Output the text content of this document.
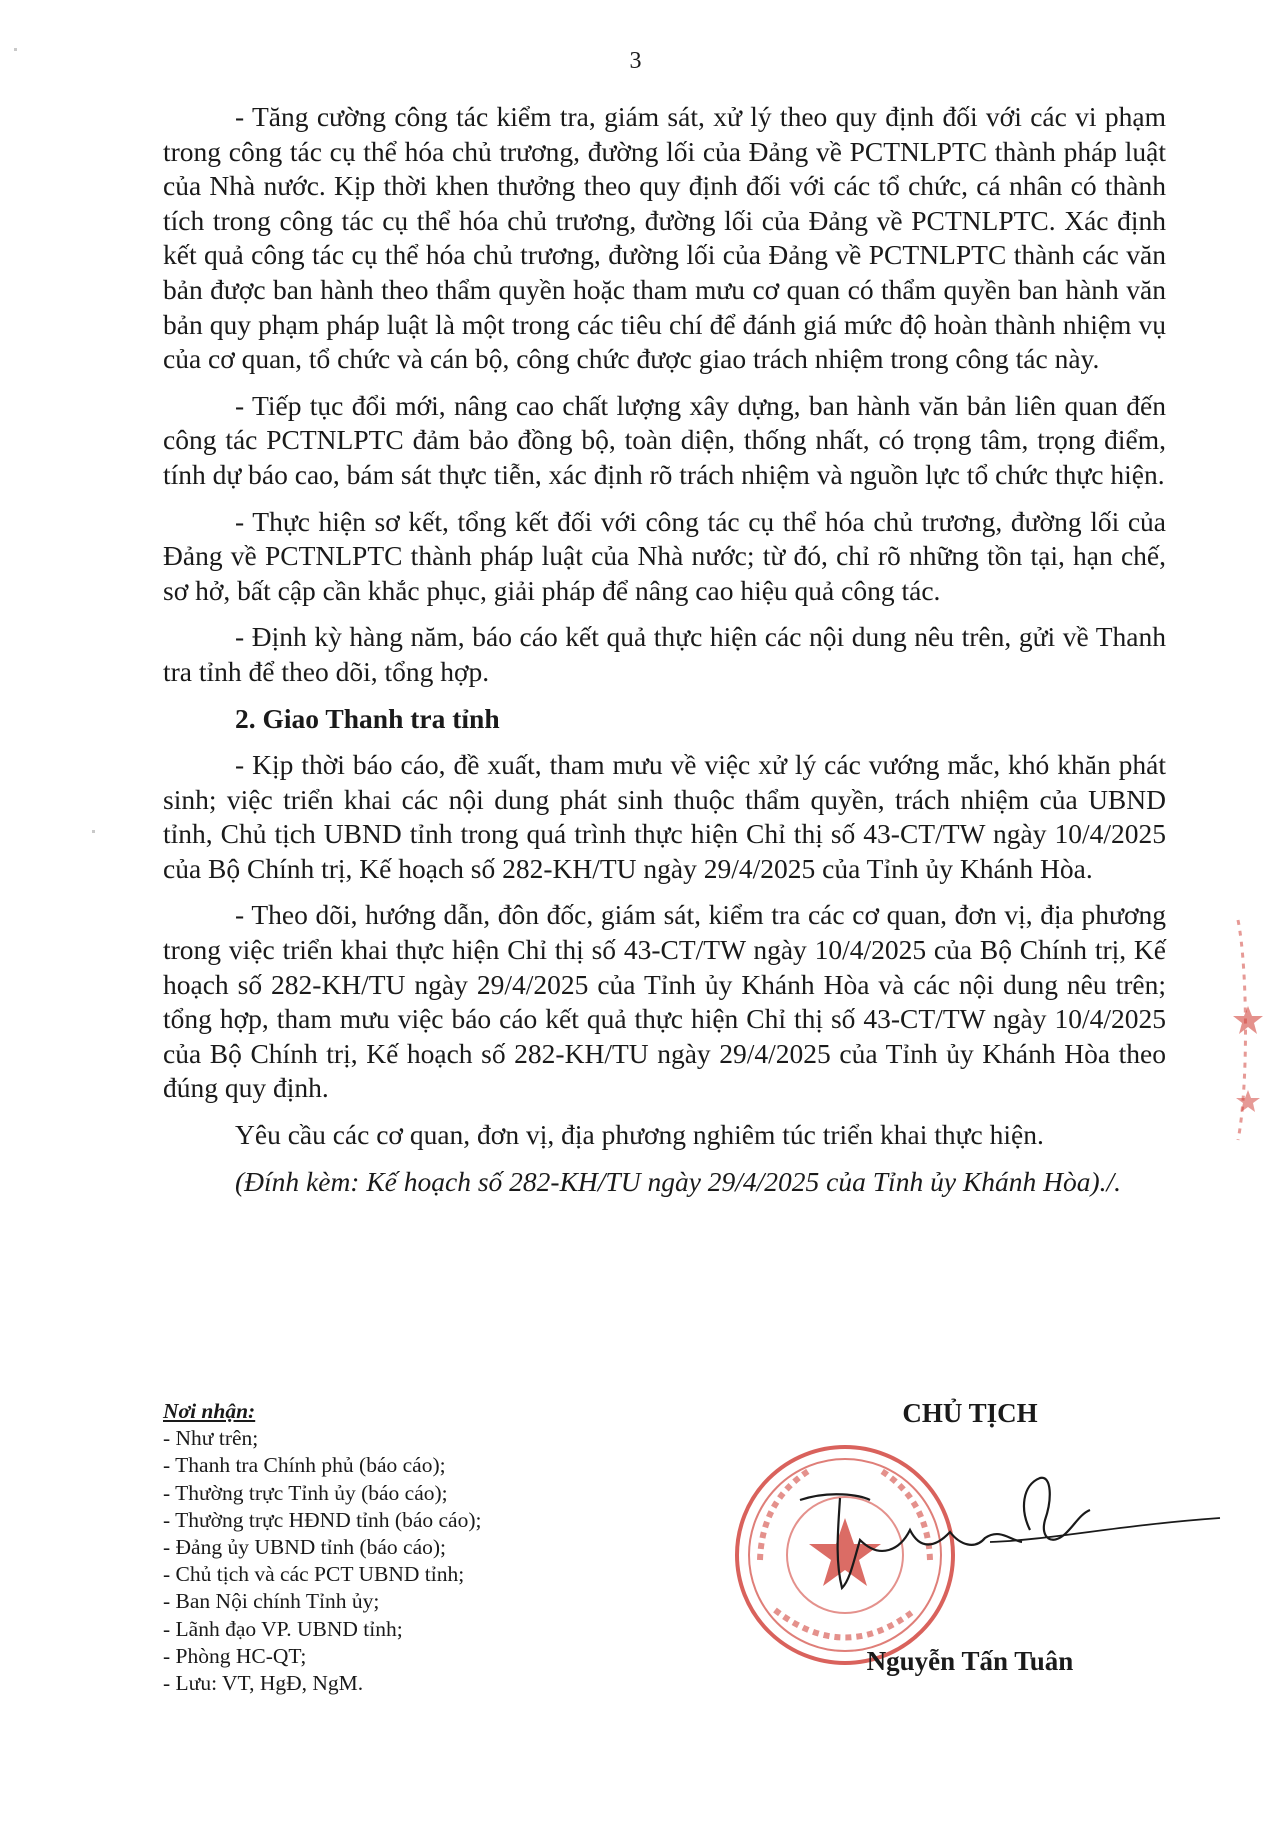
3

- Tăng cường công tác kiểm tra, giám sát, xử lý theo quy định đối với các vi phạm trong công tác cụ thể hóa chủ trương, đường lối của Đảng về PCTNLPTC thành pháp luật của Nhà nước. Kịp thời khen thưởng theo quy định đối với các tổ chức, cá nhân có thành tích trong công tác cụ thể hóa chủ trương, đường lối của Đảng về PCTNLPTC. Xác định kết quả công tác cụ thể hóa chủ trương, đường lối của Đảng về PCTNLPTC thành các văn bản được ban hành theo thẩm quyền hoặc tham mưu cơ quan có thẩm quyền ban hành văn bản quy phạm pháp luật là một trong các tiêu chí để đánh giá mức độ hoàn thành nhiệm vụ của cơ quan, tổ chức và cán bộ, công chức được giao trách nhiệm trong công tác này.

- Tiếp tục đổi mới, nâng cao chất lượng xây dựng, ban hành văn bản liên quan đến công tác PCTNLPTC đảm bảo đồng bộ, toàn diện, thống nhất, có trọng tâm, trọng điểm, tính dự báo cao, bám sát thực tiễn, xác định rõ trách nhiệm và nguồn lực tổ chức thực hiện.

- Thực hiện sơ kết, tổng kết đối với công tác cụ thể hóa chủ trương, đường lối của Đảng về PCTNLPTC thành pháp luật của Nhà nước; từ đó, chỉ rõ những tồn tại, hạn chế, sơ hở, bất cập cần khắc phục, giải pháp để nâng cao hiệu quả công tác.

- Định kỳ hàng năm, báo cáo kết quả thực hiện các nội dung nêu trên, gửi về Thanh tra tỉnh để theo dõi, tổng hợp.

2. Giao Thanh tra tỉnh

- Kịp thời báo cáo, đề xuất, tham mưu về việc xử lý các vướng mắc, khó khăn phát sinh; việc triển khai các nội dung phát sinh thuộc thẩm quyền, trách nhiệm của UBND tỉnh, Chủ tịch UBND tỉnh trong quá trình thực hiện Chỉ thị số 43-CT/TW ngày 10/4/2025 của Bộ Chính trị, Kế hoạch số 282-KH/TU ngày 29/4/2025 của Tỉnh ủy Khánh Hòa.

- Theo dõi, hướng dẫn, đôn đốc, giám sát, kiểm tra các cơ quan, đơn vị, địa phương trong việc triển khai thực hiện Chỉ thị số 43-CT/TW ngày 10/4/2025 của Bộ Chính trị, Kế hoạch số 282-KH/TU ngày 29/4/2025 của Tỉnh ủy Khánh Hòa và các nội dung nêu trên; tổng hợp, tham mưu việc báo cáo kết quả thực hiện Chỉ thị số 43-CT/TW ngày 10/4/2025 của Bộ Chính trị, Kế hoạch số 282-KH/TU ngày 29/4/2025 của Tỉnh ủy Khánh Hòa theo đúng quy định.

Yêu cầu các cơ quan, đơn vị, địa phương nghiêm túc triển khai thực hiện.

(Đính kèm: Kế hoạch số 282-KH/TU ngày 29/4/2025 của Tỉnh ủy Khánh Hòa)./.

Nơi nhận:
- Như trên;
- Thanh tra Chính phủ (báo cáo);
- Thường trực Tỉnh ủy (báo cáo);
- Thường trực HĐND tỉnh (báo cáo);
- Đảng ủy UBND tỉnh (báo cáo);
- Chủ tịch và các PCT UBND tỉnh;
- Ban Nội chính Tỉnh ủy;
- Lãnh đạo VP. UBND tỉnh;
- Phòng HC-QT;
- Lưu: VT, HgĐ, NgM.
CHỦ TỊCH
Nguyễn Tấn Tuân
